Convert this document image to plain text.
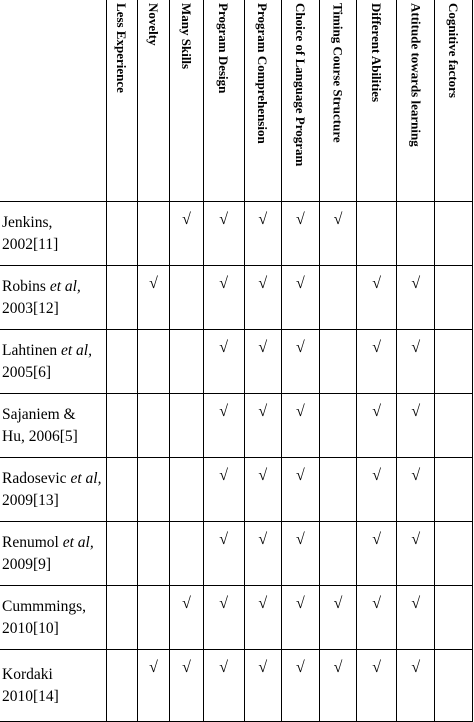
	Less Experience	Novelty	Many Skills	Program Design	Program Comprehension	Choice of Language Program	Timing Course Structure	Different Abilities	Attitude towards learning	Cognitive factors

Jenkins,
2002[11]			√	√	√	√	√			
Robins et al,
2003[12]		√		√	√	√		√	√	
Lahtinen et al,
2005[6]				√	√	√		√	√	
Sajaniem &
Hu, 2006[5]				√	√	√		√	√	
Radosevic et al,
2009[13]				√	√	√		√	√	
Renumol et al,
2009[9]				√	√	√		√	√	
Cummmings,
2010[10]			√	√	√	√	√	√	√	
Kordaki
2010[14]		√	√	√	√	√	√	√	√	
